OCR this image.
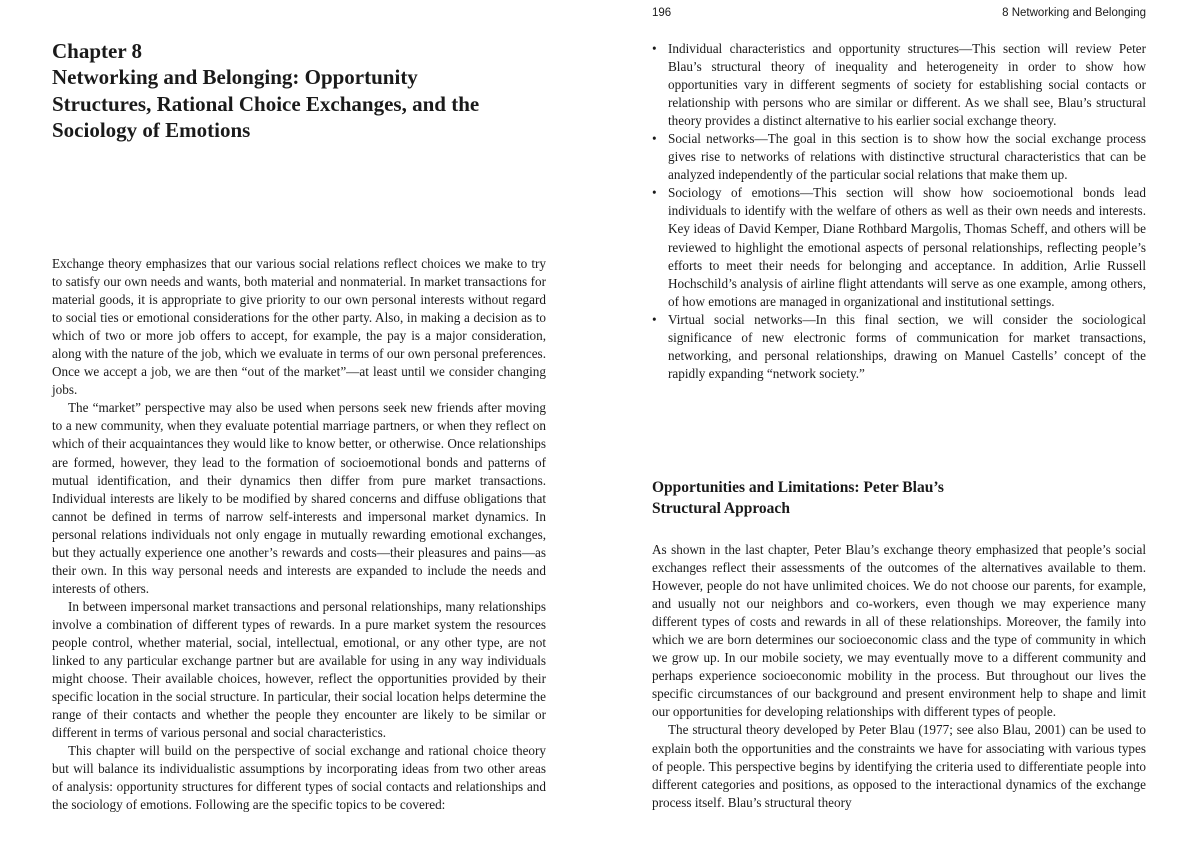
Chapter 8
Networking and Belonging: Opportunity Structures, Rational Choice Exchanges, and the Sociology of Emotions

Exchange theory emphasizes that our various social relations reflect choices we make to try to satisfy our own needs and wants, both material and nonmaterial. In market transactions for material goods, it is appropriate to give priority to our own personal interests without regard to social ties or emotional considerations for the other party. Also, in making a decision as to which of two or more job offers to accept, for example, the pay is a major consideration, along with the nature of the job, which we evaluate in terms of our own personal preferences. Once we accept a job, we are then “out of the market”—at least until we consider changing jobs.

The “market” perspective may also be used when persons seek new friends after moving to a new community, when they evaluate potential marriage partners, or when they reflect on which of their acquaintances they would like to know better, or otherwise. Once relationships are formed, however, they lead to the formation of socioemotional bonds and patterns of mutual identification, and their dynamics then differ from pure market transactions. Individual interests are likely to be modified by shared concerns and diffuse obligations that cannot be defined in terms of narrow self-interests and impersonal market dynamics. In personal relations individuals not only engage in mutually rewarding emotional exchanges, but they actually experience one another’s rewards and costs—their pleasures and pains—as their own. In this way personal needs and interests are expanded to include the needs and interests of others.

In between impersonal market transactions and personal relationships, many relationships involve a combination of different types of rewards. In a pure market system the resources people control, whether material, social, intellectual, emotional, or any other type, are not linked to any particular exchange partner but are available for using in any way individuals might choose. Their available choices, however, reflect the opportunities provided by their specific location in the social structure. In particular, their social location helps determine the range of their contacts and whether the people they encounter are likely to be similar or different in terms of various personal and social characteristics.

This chapter will build on the perspective of social exchange and rational choice theory but will balance its individualistic assumptions by incorporating ideas from two other areas of analysis: opportunity structures for different types of social contacts and relationships and the sociology of emotions. Following are the specific topics to be covered:

196	8 Networking and Belonging
• Individual characteristics and opportunity structures—This section will review Peter Blau’s structural theory of inequality and heterogeneity in order to show how opportunities vary in different segments of society for establishing social contacts or relationship with persons who are similar or different. As we shall see, Blau’s structural theory provides a distinct alternative to his earlier social exchange theory.
• Social networks—The goal in this section is to show how the social exchange process gives rise to networks of relations with distinctive structural characteristics that can be analyzed independently of the particular social relations that make them up.
• Sociology of emotions—This section will show how socioemotional bonds lead individuals to identify with the welfare of others as well as their own needs and interests. Key ideas of David Kemper, Diane Rothbard Margolis, Thomas Scheff, and others will be reviewed to highlight the emotional aspects of personal relationships, reflecting people’s efforts to meet their needs for belonging and acceptance. In addition, Arlie Russell Hochschild’s analysis of airline flight attendants will serve as one example, among others, of how emotions are managed in organizational and institutional settings.
• Virtual social networks—In this final section, we will consider the sociological significance of new electronic forms of communication for market transactions, networking, and personal relationships, drawing on Manuel Castells’ concept of the rapidly expanding “network society.”
Opportunities and Limitations: Peter Blau’s
Structural Approach

As shown in the last chapter, Peter Blau’s exchange theory emphasized that people’s social exchanges reflect their assessments of the outcomes of the alternatives available to them. However, people do not have unlimited choices. We do not choose our parents, for example, and usually not our neighbors and co-workers, even though we may experience many different types of costs and rewards in all of these relationships. Moreover, the family into which we are born determines our socioeconomic class and the type of community in which we grow up. In our mobile society, we may eventually move to a different community and perhaps experience socioeconomic mobility in the process. But throughout our lives the specific circumstances of our background and present environment help to shape and limit our opportunities for developing relationships with different types of people.

The structural theory developed by Peter Blau (1977; see also Blau, 2001) can be used to explain both the opportunities and the constraints we have for associating with various types of people. This perspective begins by identifying the criteria used to differentiate people into different categories and positions, as opposed to the interactional dynamics of the exchange process itself. Blau’s structural theory
